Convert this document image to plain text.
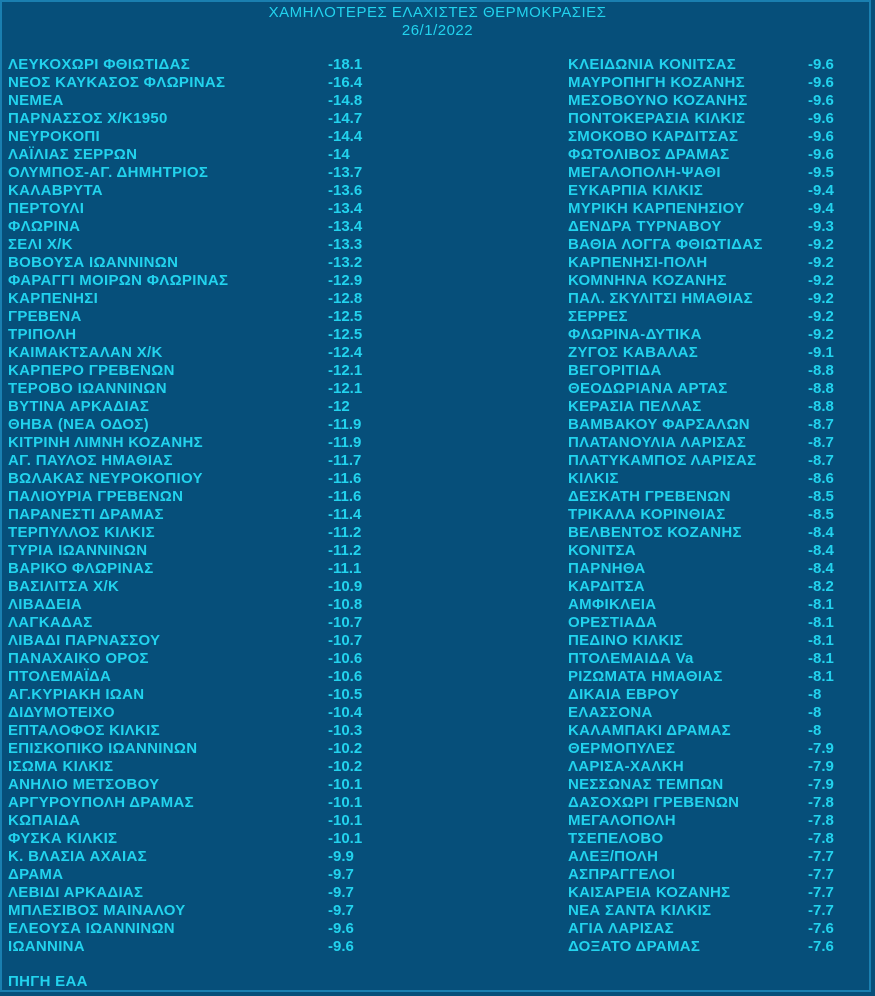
ΧΑΜΗΛΟΤΕΡΕΣ ΕΛΑΧΙΣΤΕΣ ΘΕΡΜΟΚΡΑΣΙΕΣ
26/1/2022
ΛΕΥΚΟΧΩΡΙ ΦΘΙΩΤΙΔΑΣ	-18.1
ΝΕΟΣ ΚΑΥΚΑΣΟΣ ΦΛΩΡΙΝΑΣ	-16.4
ΝΕΜΕΑ	-14.8
ΠΑΡΝΑΣΣΟΣ Χ/Κ1950	-14.7
ΝΕΥΡΟΚΟΠΙ	-14.4
ΛΑΪΛΙΑΣ ΣΕΡΡΩΝ	-14
ΟΛΥΜΠΟΣ-ΑΓ. ΔΗΜΗΤΡΙΟΣ	-13.7
ΚΑΛΑΒΡΥΤΑ	-13.6
ΠΕΡΤΟΥΛΙ	-13.4
ΦΛΩΡΙΝΑ	-13.4
ΣΕΛΙ Χ/Κ	-13.3
ΒΟΒΟΥΣΑ ΙΩΑΝΝΙΝΩΝ	-13.2
ΦΑΡΑΓΓΙ ΜΟΙΡΩΝ ΦΛΩΡΙΝΑΣ	-12.9
ΚΑΡΠΕΝΗΣΙ	-12.8
ΓΡΕΒΕΝΑ	-12.5
ΤΡΙΠΟΛΗ	-12.5
ΚΑΙΜΑΚΤΣΑΛΑΝ Χ/Κ	-12.4
ΚΑΡΠΕΡΟ ΓΡΕΒΕΝΩΝ	-12.1
ΤΕΡΟΒΟ ΙΩΑΝΝΙΝΩΝ	-12.1
ΒΥΤΙΝΑ ΑΡΚΑΔΙΑΣ	-12
ΘΗΒΑ (ΝΕΑ ΟΔΟΣ)	-11.9
ΚΙΤΡΙΝΗ ΛΙΜΝΗ ΚΟΖΑΝΗΣ	-11.9
ΑΓ. ΠΑΥΛΟΣ ΗΜΑΘΙΑΣ	-11.7
ΒΩΛΑΚΑΣ ΝΕΥΡΟΚΟΠΙΟΥ	-11.6
ΠΑΛΙΟΥΡΙΑ ΓΡΕΒΕΝΩΝ	-11.6
ΠΑΡΑΝΕΣΤΙ ΔΡΑΜΑΣ	-11.4
ΤΕΡΠΥΛΛΟΣ ΚΙΛΚΙΣ	-11.2
ΤΥΡΙΑ ΙΩΑΝΝΙΝΩΝ	-11.2
ΒΑΡΙΚΟ ΦΛΩΡΙΝΑΣ	-11.1
ΒΑΣΙΛΙΤΣΑ Χ/Κ	-10.9
ΛΙΒΑΔΕΙΑ	-10.8
ΛΑΓΚΑΔΑΣ	-10.7
ΛΙΒΑΔΙ ΠΑΡΝΑΣΣΟΥ	-10.7
ΠΑΝΑΧΑΙΚΟ ΟΡΟΣ	-10.6
ΠΤΟΛΕΜΑΪΔΑ	-10.6
ΑΓ.ΚΥΡΙΑΚΗ ΙΩΑΝ	-10.5
ΔΙΔΥΜΟΤΕΙΧΟ	-10.4
ΕΠΤΑΛΟΦΟΣ ΚΙΛΚΙΣ	-10.3
ΕΠΙΣΚΟΠΙΚΟ ΙΩΑΝΝΙΝΩΝ	-10.2
ΙΣΩΜΑ ΚΙΛΚΙΣ	-10.2
ΑΝΗΛΙΟ ΜΕΤΣΟΒΟΥ	-10.1
ΑΡΓΥΡΟΥΠΟΛΗ ΔΡΑΜΑΣ	-10.1
ΚΩΠΑΙΔΑ	-10.1
ΦΥΣΚΑ ΚΙΛΚΙΣ	-10.1
Κ. ΒΛΑΣΙΑ ΑΧΑΙΑΣ	-9.9
ΔΡΑΜΑ	-9.7
ΛΕΒΙΔΙ ΑΡΚΑΔΙΑΣ	-9.7
ΜΠΛΕΣΙΒΟΣ ΜΑΙΝΑΛΟΥ	-9.7
ΕΛΕΟΥΣΑ ΙΩΑΝΝΙΝΩΝ	-9.6
ΙΩΑΝΝΙΝΑ	-9.6
ΚΛΕΙΔΩΝΙΑ ΚΟΝΙΤΣΑΣ	-9.6
ΜΑΥΡΟΠΗΓΗ ΚΟΖΑΝΗΣ	-9.6
ΜΕΣΟΒΟΥΝΟ ΚΟΖΑΝΗΣ	-9.6
ΠΟΝΤΟΚΕΡΑΣΙΑ ΚΙΛΚΙΣ	-9.6
ΣΜΟΚΟΒΟ ΚΑΡΔΙΤΣΑΣ	-9.6
ΦΩΤΟΛΙΒΟΣ ΔΡΑΜΑΣ	-9.6
ΜΕΓΑΛΟΠΟΛΗ-ΨΑΘΙ	-9.5
ΕΥΚΑΡΠΙΑ ΚΙΛΚΙΣ	-9.4
ΜΥΡΙΚΗ ΚΑΡΠΕΝΗΣΙΟΥ	-9.4
ΔΕΝΔΡΑ ΤΥΡΝΑΒΟΥ	-9.3
ΒΑΘΙΑ ΛΟΓΓΑ ΦΘΙΩΤΙΔΑΣ	-9.2
ΚΑΡΠΕΝΗΣΙ-ΠΟΛΗ	-9.2
ΚΟΜΝΗΝΑ ΚΟΖΑΝΗΣ	-9.2
ΠΑΛ. ΣΚΥΛΙΤΣΙ ΗΜΑΘΙΑΣ	-9.2
ΣΕΡΡΕΣ	-9.2
ΦΛΩΡΙΝΑ-ΔΥΤΙΚΑ	-9.2
ΖΥΓΟΣ ΚΑΒΑΛΑΣ	-9.1
ΒΕΓΟΡΙΤΙΔΑ	-8.8
ΘΕΟΔΩΡΙΑΝΑ ΑΡΤΑΣ	-8.8
ΚΕΡΑΣΙΑ ΠΕΛΛΑΣ	-8.8
ΒΑΜΒΑΚΟΥ ΦΑΡΣΑΛΩΝ	-8.7
ΠΛΑΤΑΝΟΥΛΙΑ ΛΑΡΙΣΑΣ	-8.7
ΠΛΑΤΥΚΑΜΠΟΣ ΛΑΡΙΣΑΣ	-8.7
ΚΙΛΚΙΣ	-8.6
ΔΕΣΚΑΤΗ ΓΡΕΒΕΝΩΝ	-8.5
ΤΡΙΚΑΛΑ ΚΟΡΙΝΘΙΑΣ	-8.5
ΒΕΛΒΕΝΤΟΣ ΚΟΖΑΝΗΣ	-8.4
ΚΟΝΙΤΣΑ	-8.4
ΠΑΡΝΗΘΑ	-8.4
ΚΑΡΔΙΤΣΑ	-8.2
ΑΜΦΙΚΛΕΙΑ	-8.1
ΟΡΕΣΤΙΑΔΑ	-8.1
ΠΕΔΙΝΟ ΚΙΛΚΙΣ	-8.1
ΠΤΟΛΕΜΑΙΔΑ Va	-8.1
ΡΙΖΩΜΑΤΑ ΗΜΑΘΙΑΣ	-8.1
ΔΙΚΑΙΑ ΕΒΡΟΥ	-8
ΕΛΑΣΣΟΝΑ	-8
ΚΑΛΑΜΠΑΚΙ ΔΡΑΜΑΣ	-8
ΘΕΡΜΟΠΥΛΕΣ	-7.9
ΛΑΡΙΣΑ-ΧΑΛΚΗ	-7.9
ΝΕΣΣΩΝΑΣ ΤΕΜΠΩΝ	-7.9
ΔΑΣΟΧΩΡΙ ΓΡΕΒΕΝΩΝ	-7.8
ΜΕΓΑΛΟΠΟΛΗ	-7.8
ΤΣΕΠΕΛΟΒΟ	-7.8
ΑΛΕΞ/ΠΟΛΗ	-7.7
ΑΣΠΡΑΓΓΕΛΟΙ	-7.7
ΚΑΙΣΑΡΕΙΑ ΚΟΖΑΝΗΣ	-7.7
ΝΕΑ ΣΑΝΤΑ ΚΙΛΚΙΣ	-7.7
ΑΓΙΑ ΛΑΡΙΣΑΣ	-7.6
ΔΟΞΑΤΟ ΔΡΑΜΑΣ	-7.6
ΠΗΓΗ ΕΑΑ
